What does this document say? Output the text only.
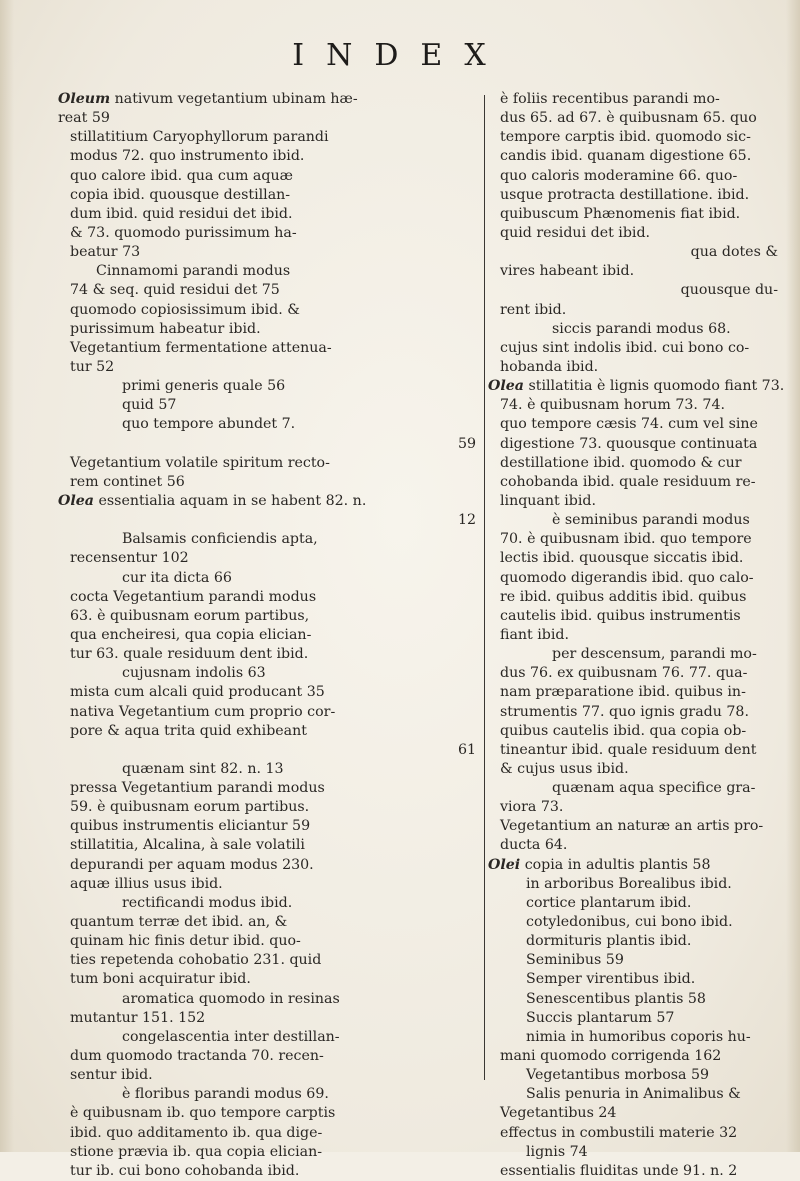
INDEX
Oleum nativum vegetantium ubinam hæ-
reat 59
stillatitium Caryophyllorum parandi
modus 72. quo instrumento ibid.
quo calore ibid. qua cum aquæ
copia ibid. quousque destillan-
dum ibid. quid residui det ibid.
& 73. quomodo purissimum ha-
beatur 73
Cinnamomi parandi modus
74 & seq. quid residui det 75
quomodo copiosissimum ibid. &
purissimum habeatur ibid.
Vegetantium fermentatione attenua-
tur 52
primi generis quale 56
quid 57
quo tempore abundet 7.
59
Vegetantium volatile spiritum recto-
rem continet 56
Olea essentialia aquam in se habent 82. n.
12
Balsamis conficiendis apta,
recensentur 102
cur ita dicta 66
cocta Vegetantium parandi modus
63. è quibusnam eorum partibus,
qua encheiresi, qua copia elician-
tur 63. quale residuum dent ibid.
cujusnam indolis 63
mista cum alcali quid producant 35
nativa Vegetantium cum proprio cor-
pore & aqua trita quid exhibeant
61
quænam sint 82. n. 13
pressa Vegetantium parandi modus
59. è quibusnam eorum partibus.
quibus instrumentis eliciantur 59
stillatitia, Alcalina, à sale volatili
depurandi per aquam modus 230.
aquæ illius usus ibid.
rectificandi modus ibid.
quantum terræ det ibid. an, &
quinam hic finis detur ibid. quo-
ties repetenda cohobatio 231. quid
tum boni acquiratur ibid.
aromatica quomodo in resinas
mutantur 151. 152
congelascentia inter destillan-
dum quomodo tractanda 70. recen-
sentur ibid.
è floribus parandi modus 69.
è quibusnam ib. quo tempore carptis
ibid. quo additamento ib. qua dige-
stione prævia ib. qua copia elician-
tur ib. cui bono cohobanda ibid.
è foliis recentibus parandi mo-
dus 65. ad 67. è quibusnam 65. quo
tempore carptis ibid. quomodo sic-
candis ibid. quanam digestione 65.
quo caloris moderamine 66. quo-
usque protracta destillatione. ibid.
quibuscum Phænomenis fiat ibid.
quid residui det ibid.
qua dotes &
vires habeant ibid.
quousque du-
rent ibid.
siccis parandi modus 68.
cujus sint indolis ibid. cui bono co-
hobanda ibid.
Olea stillatitia è lignis quomodo fiant 73.
74. è quibusnam horum 73. 74.
quo tempore cæsis 74. cum vel sine
digestione 73. quousque continuata
destillatione ibid. quomodo & cur
cohobanda ibid. quale residuum re-
linquant ibid.
è seminibus parandi modus
70. è quibusnam ibid. quo tempore
lectis ibid. quousque siccatis ibid.
quomodo digerandis ibid. quo calo-
re ibid. quibus additis ibid. quibus
cautelis ibid. quibus instrumentis
fiant ibid.
per descensum, parandi mo-
dus 76. ex quibusnam 76. 77. qua-
nam præparatione ibid. quibus in-
strumentis 77. quo ignis gradu 78.
quibus cautelis ibid. qua copia ob-
tineantur ibid. quale residuum dent
& cujus usus ibid.
quænam aqua specifice gra-
viora 73.
Vegetantium an naturæ an artis pro-
ducta 64.
Olei copia in adultis plantis 58
in arboribus Borealibus ibid.
cortice plantarum ibid.
cotyledonibus, cui bono ibid.
dormituris plantis ibid.
Seminibus 59
Semper virentibus ibid.
Senescentibus plantis 58
Succis plantarum 57
nimia in humoribus coporis hu-
mani quomodo corrigenda 162
Vegetantibus morbosa 59
Salis penuria in Animalibus &
Vegetantibus 24
effectus in combustili materie 32
lignis 74
essentialis fluiditas unde 91. n. 2
